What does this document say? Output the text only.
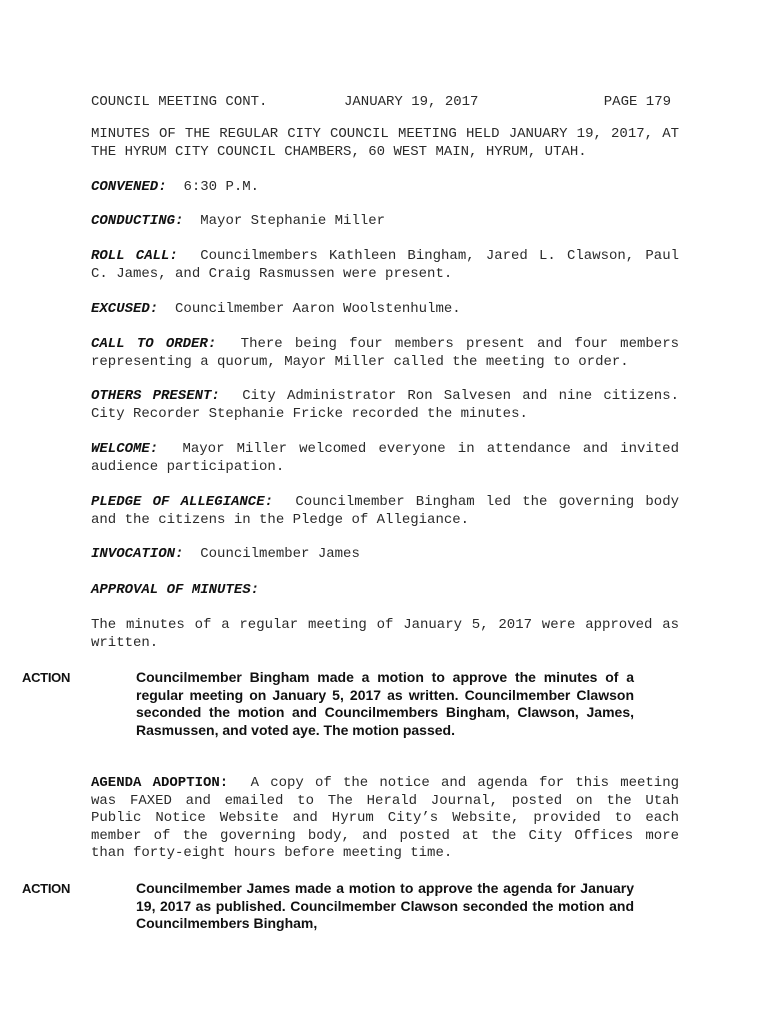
COUNCIL MEETING CONT.	JANUARY 19, 2017	PAGE 179

MINUTES OF THE REGULAR CITY COUNCIL MEETING HELD JANUARY 19, 2017, AT THE HYRUM CITY COUNCIL CHAMBERS, 60 WEST MAIN, HYRUM, UTAH.

CONVENED: 6:30 P.M.

CONDUCTING: Mayor Stephanie Miller

ROLL CALL: Councilmembers Kathleen Bingham, Jared L. Clawson, Paul C. James, and Craig Rasmussen were present.

EXCUSED: Councilmember Aaron Woolstenhulme.

CALL TO ORDER: There being four members present and four members representing a quorum, Mayor Miller called the meeting to order.

OTHERS PRESENT: City Administrator Ron Salvesen and nine citizens. City Recorder Stephanie Fricke recorded the minutes.

WELCOME: Mayor Miller welcomed everyone in attendance and invited audience participation.

PLEDGE OF ALLEGIANCE: Councilmember Bingham led the governing body and the citizens in the Pledge of Allegiance.

INVOCATION: Councilmember James

APPROVAL OF MINUTES:

The minutes of a regular meeting of January 5, 2017 were approved as written.

ACTION	Councilmember Bingham made a motion to approve the minutes of a regular meeting on January 5, 2017 as written. Councilmember Clawson seconded the motion and Councilmembers Bingham, Clawson, James, Rasmussen, and voted aye. The motion passed.

AGENDA ADOPTION: A copy of the notice and agenda for this meeting was FAXED and emailed to The Herald Journal, posted on the Utah Public Notice Website and Hyrum City’s Website, provided to each member of the governing body, and posted at the City Offices more than forty-eight hours before meeting time.

ACTION	Councilmember James made a motion to approve the agenda for January 19, 2017 as published. Councilmember Clawson seconded the motion and Councilmembers Bingham,
